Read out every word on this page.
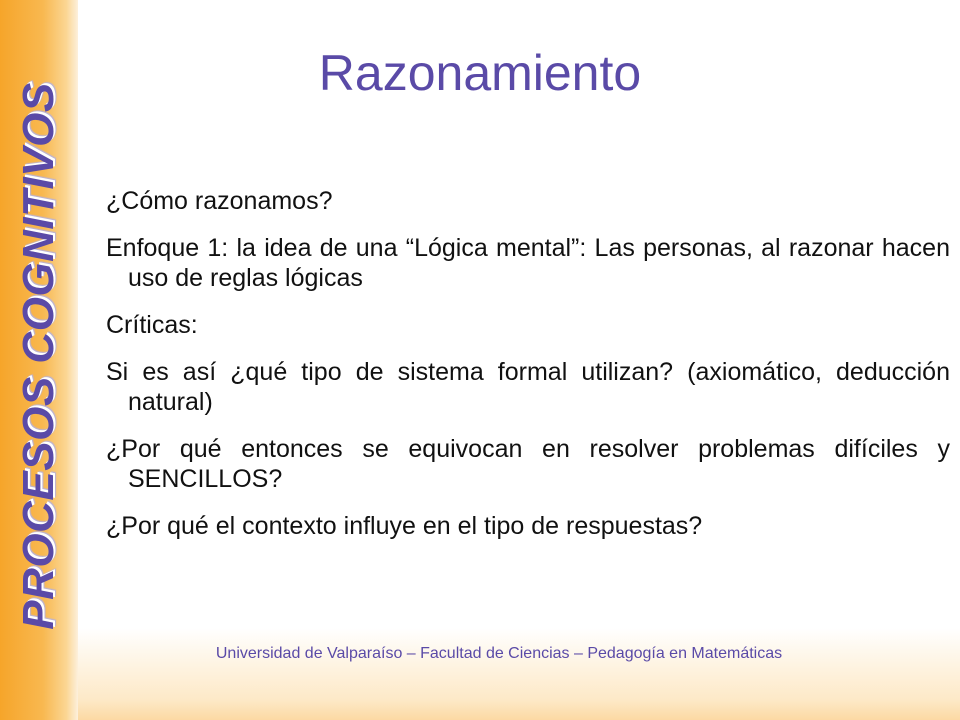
PROCESOS COGNITIVOS
Razonamiento

¿Cómo razonamos?

Enfoque 1: la idea de una “Lógica mental”: Las personas, al razonar hacen uso de reglas lógicas

Críticas:

Si es así ¿qué tipo de sistema formal utilizan? (axiomático, deducción natural)

¿Por qué entonces se equivocan en resolver problemas difíciles y SENCILLOS?

¿Por qué el contexto influye en el tipo de respuestas?

Universidad de Valparaíso – Facultad de Ciencias – Pedagogía en Matemáticas
